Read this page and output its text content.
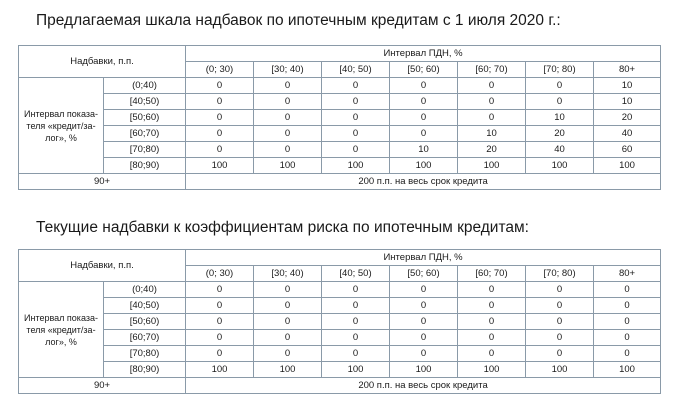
Предлагаемая шкала надбавок по ипотечным кредитам с 1 июля 2020 г.:
Надбавки, п.п.		Интервал ПДН, %						
		(0; 30)	[30; 40)	[40; 50)	[50; 60)	[60; 70)	[70; 80)	80+
Интервал показа-теля «кредит/за-лог», %	(0;40)	0	0	0	0	0	0	10
	[40;50)	0	0	0	0	0	0	10
	[50;60)	0	0	0	0	0	10	20
	[60;70)	0	0	0	0	10	20	40
	[70;80)	0	0	0	10	20	40	60
	[80;90)	100	100	100	100	100	100	100
90+		200 п.п. на весь срок кредита						
Текущие надбавки к коэффициентам риска по ипотечным кредитам:
Надбавки, п.п.		Интервал ПДН, %						
		(0; 30)	[30; 40)	[40; 50)	[50; 60)	[60; 70)	[70; 80)	80+
Интервал показа-теля «кредит/за-лог», %	(0;40)	0	0	0	0	0	0	0
	[40;50)	0	0	0	0	0	0	0
	[50;60)	0	0	0	0	0	0	0
	[60;70)	0	0	0	0	0	0	0
	[70;80)	0	0	0	0	0	0	0
	[80;90)	100	100	100	100	100	100	100
90+		200 п.п. на весь срок кредита						
